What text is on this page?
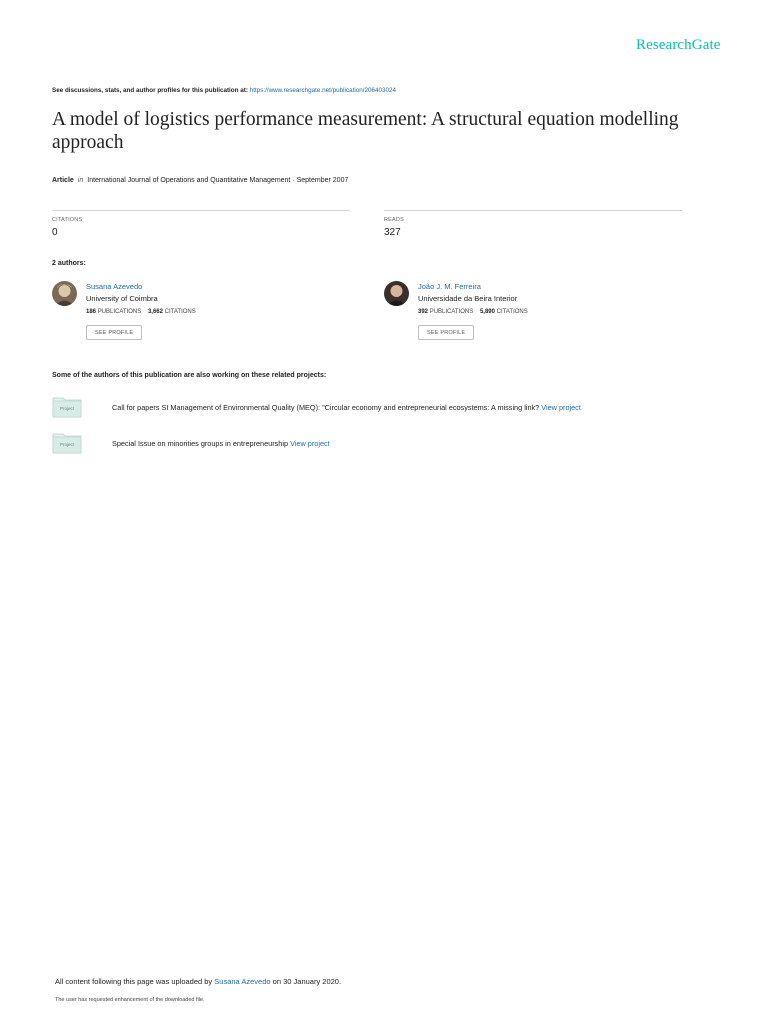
ResearchGate
See discussions, stats, and author profiles for this publication at: https://www.researchgate.net/publication/206403024
A model of logistics performance measurement: A structural equation modelling approach
Article in International Journal of Operations and Quantitative Management · September 2007
CITATIONS
0
READS
327
2 authors:
Susana Azevedo
University of Coimbra
186 PUBLICATIONS 3,662 CITATIONS
SEE PROFILE
João J. M. Ferreira
Universidade da Beira Interior
392 PUBLICATIONS 5,890 CITATIONS
SEE PROFILE
Some of the authors of this publication are also working on these related projects:
Project	Call for papers SI Management of Environmental Quality (MEQ): "Circular economy and entrepreneurial ecosystems: A missing link? View project
Project	Special Issue on minorities groups in entrepreneurship View project
All content following this page was uploaded by Susana Azevedo on 30 January 2020.
The user has requested enhancement of the downloaded file.
